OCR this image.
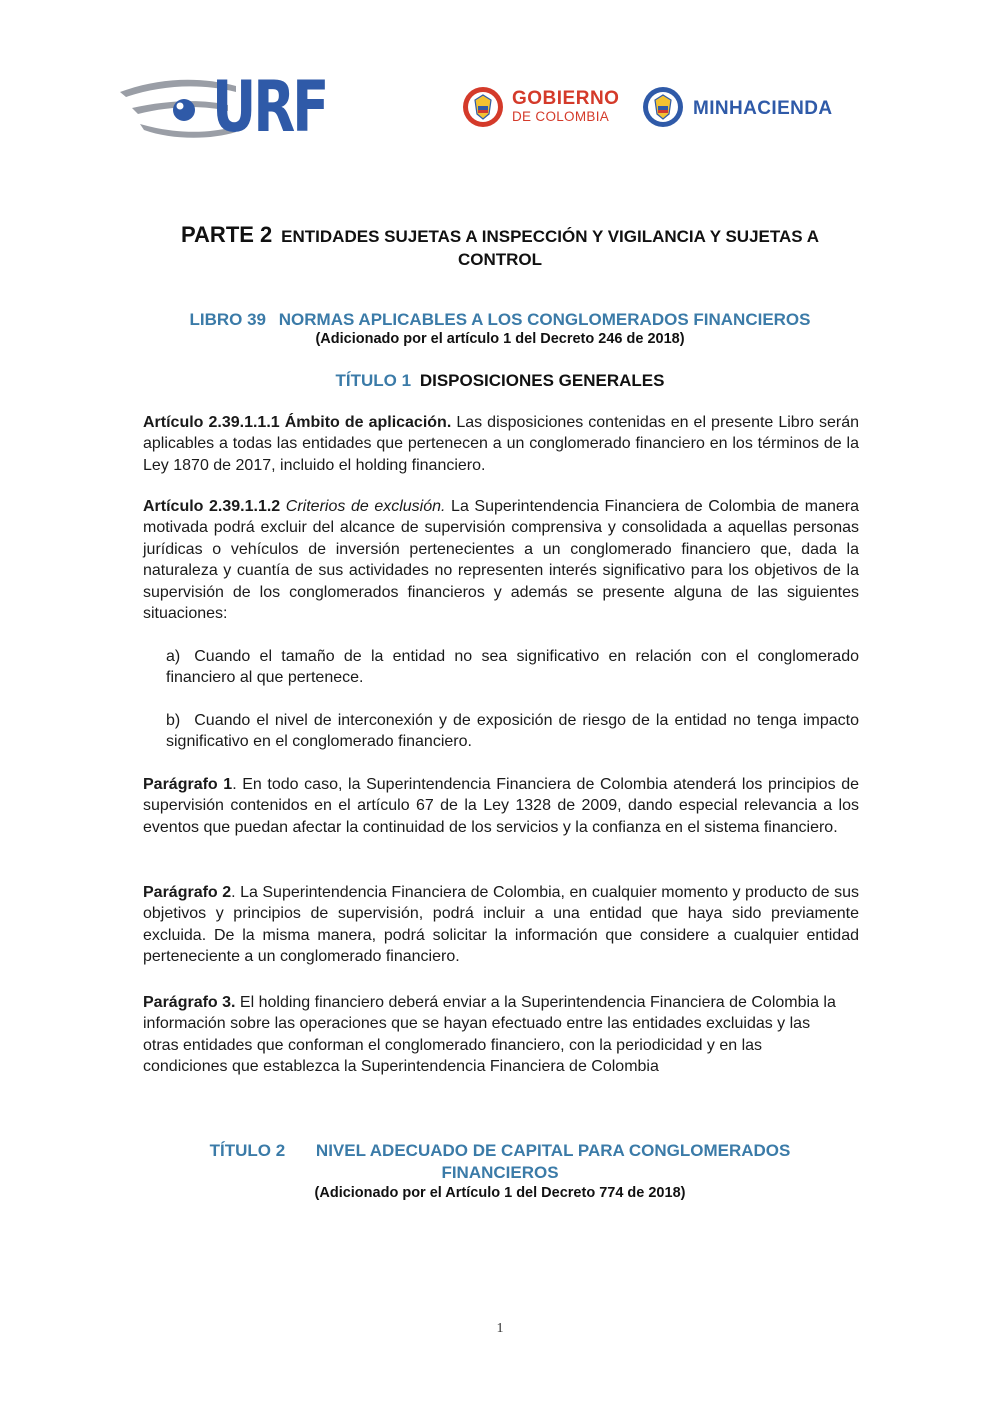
URF	GOBIERNO
DE COLOMBIA	MINHACIENDA
PARTE 2 ENTIDADES SUJETAS A INSPECCIÓN Y VIGILANCIA Y SUJETAS A
CONTROL
LIBRO 39 NORMAS APLICABLES A LOS CONGLOMERADOS FINANCIEROS
(Adicionado por el artículo 1 del Decreto 246 de 2018)
TÍTULO 1 DISPOSICIONES GENERALES

Artículo 2.39.1.1.1 Ámbito de aplicación. Las disposiciones contenidas en el presente Libro serán aplicables a todas las entidades que pertenecen a un conglomerado financiero en los términos de la Ley 1870 de 2017, incluido el holding financiero.

Artículo 2.39.1.1.2 Criterios de exclusión. La Superintendencia Financiera de Colombia de manera motivada podrá excluir del alcance de supervisión comprensiva y consolidada a aquellas personas jurídicas o vehículos de inversión pertenecientes a un conglomerado financiero que, dada la naturaleza y cuantía de sus actividades no representen interés significativo para los objetivos de la supervisión de los conglomerados financieros y además se presente alguna de las siguientes situaciones:

a) Cuando el tamaño de la entidad no sea significativo en relación con el conglomerado financiero al que pertenece.

b) Cuando el nivel de interconexión y de exposición de riesgo de la entidad no tenga impacto significativo en el conglomerado financiero.

Parágrafo 1. En todo caso, la Superintendencia Financiera de Colombia atenderá los principios de supervisión contenidos en el artículo 67 de la Ley 1328 de 2009, dando especial relevancia a los eventos que puedan afectar la continuidad de los servicios y la confianza en el sistema financiero.

Parágrafo 2. La Superintendencia Financiera de Colombia, en cualquier momento y producto de sus objetivos y principios de supervisión, podrá incluir a una entidad que haya sido previamente excluida. De la misma manera, podrá solicitar la información que considere a cualquier entidad perteneciente a un conglomerado financiero.

Parágrafo 3. El holding financiero deberá enviar a la Superintendencia Financiera de Colombia la información sobre las operaciones que se hayan efectuado entre las entidades excluidas y las otras entidades que conforman el conglomerado financiero, con la periodicidad y en las condiciones que establezca la Superintendencia Financiera de Colombia

TÍTULO 2 NIVEL ADECUADO DE CAPITAL PARA CONGLOMERADOS
FINANCIEROS
(Adicionado por el Artículo 1 del Decreto 774 de 2018)
1
